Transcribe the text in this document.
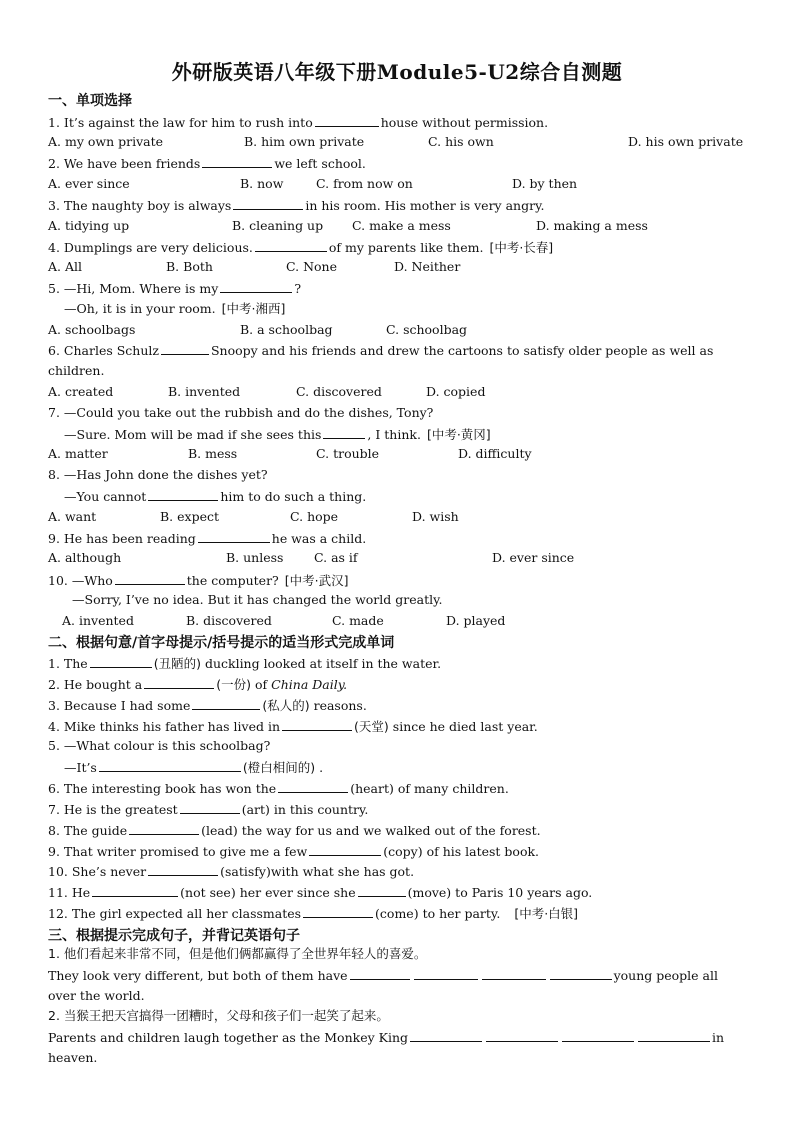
外研版英语八年级下册Module5-U2综合自测题
一、单项选择
1. It’s against the law for him to rush into	house without permission.
A. my own private	B. him own private	C. his own	D. his own private
2. We have been friends	we left school.
A. ever since	B. now	C. from now on	D. by then
3. The naughty boy is always	in his room. His mother is very angry.
A. tidying up	B. cleaning up C. make a mess	D. making a mess
4. Dumplings are very delicious.	of my parents like them. [中考·长春]
A. All	B. Both	C. None	D. Neither
5. —Hi, Mom. Where is my	?
—Oh, it is in your room. [中考·湘西]
A. schoolbags	B. a schoolbag	C. schoolbag
6. Charles Schulz	Snoopy and his friends and drew the cartoons to satisfy older people as well as
children.
A. created	B. invented	C. discovered	D. copied
7. —Could you take out the rubbish and do the dishes, Tony?
—Sure. Mom will be mad if she sees this	, I think. [中考·黄冈]
A. matter	B. mess	C. trouble	D. difficulty
8. —Has John done the dishes yet?
—You cannot	him to do such a thing.
A. want	B. expect	C. hope	D. wish
9. He has been reading	he was a child.
A. although	B. unless C. as if	D. ever since
10. —Who	the computer? [中考·武汉]
—Sorry, I’ve no idea. But it has changed the world greatly.
A. invented	B. discovered	C. made	D. played
二、根据句意/首字母提示/括号提示的适当形式完成单词
1. The	(丑陋的) duckling looked at itself in the water.
2. He bought a	(一份) of China Daily.
3. Because I had some	(私人的) reasons.
4. Mike thinks his father has lived in	(天堂) since he died last year.
5. —What colour is this schoolbag?
—It’s	(橙白相间的) .
6. The interesting book has won the	(heart) of many children.
7. He is the greatest	(art) in this country.
8. The guide	(lead) the way for us and we walked out of the forest.
9. That writer promised to give me a few	(copy) of his latest book.
10. She’s never	(satisfy)with what she has got.
11. He	(not see) her ever since she	(move) to Paris 10 years ago.
12. The girl expected all her classmates	(come) to her party. [中考·白银]
三、根据提示完成句子，并背记英语句子
1. 他们看起来非常不同，但是他们俩都赢得了全世界年轻人的喜爱。
They look very different, but both of them have	young people all
over the world.
2. 当猴王把天宫搞得一团糟时，父母和孩子们一起笑了起来。
Parents and children laugh together as the Monkey King	in
heaven.
